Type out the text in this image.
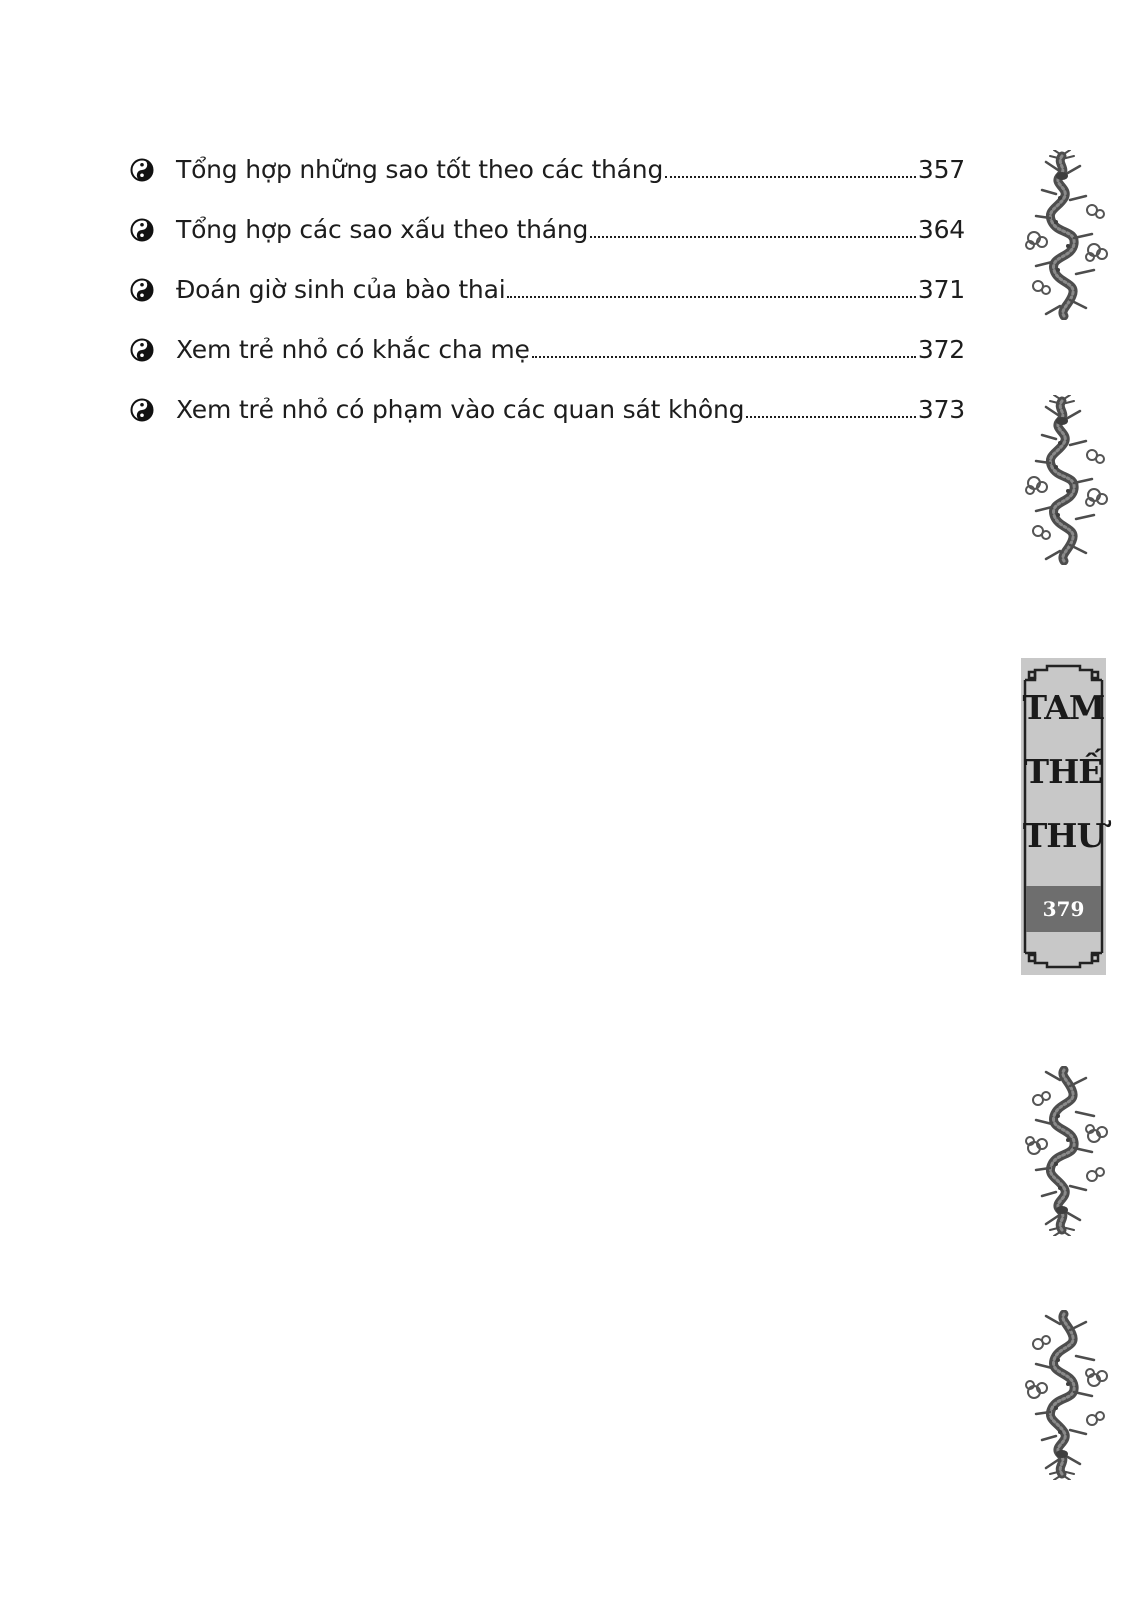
Tổng hợp những sao tốt theo các tháng	357
Tổng hợp các sao xấu theo tháng	364
Đoán giờ sinh của bào thai	371
Xem trẻ nhỏ có khắc cha mẹ	372
Xem trẻ nhỏ có phạm vào các quan sát không	373
TAM
THẾ
THƯ
379
